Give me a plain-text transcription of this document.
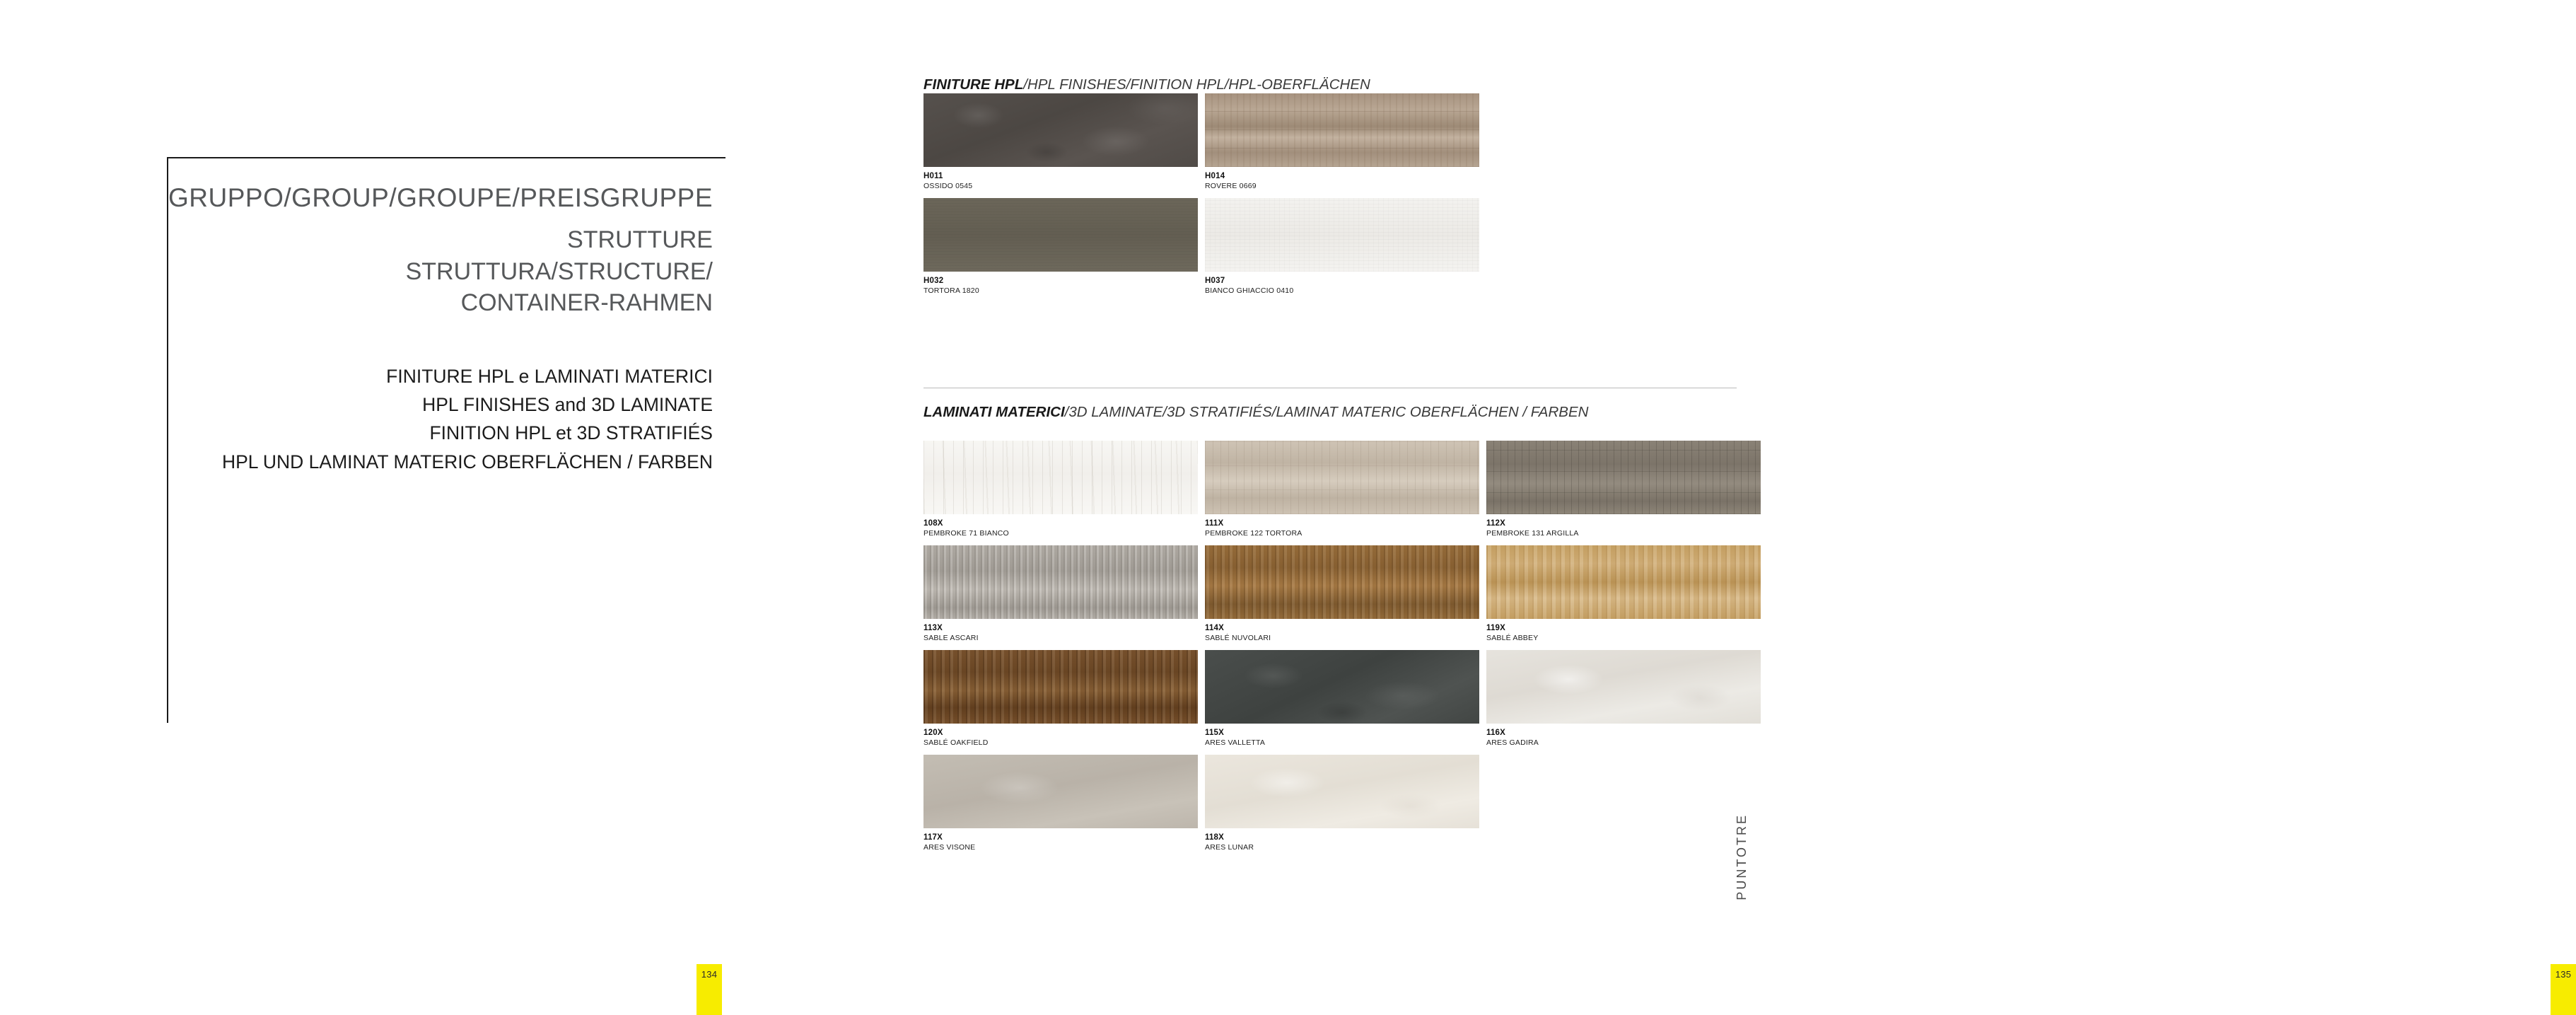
GRUPPO/GROUP/GROUPE/PREISGRUPPE
STRUTTURE
STRUTTURA/STRUCTURE/
CONTAINER-RAHMEN
FINITURE HPL e LAMINATI MATERICI
HPL FINISHES and 3D LAMINATE
FINITION HPL et 3D STRATIFIÉS
HPL UND LAMINAT MATERIC OBERFLÄCHEN / FARBEN
134
FINITURE HPL/HPL FINISHES/FINITION HPL/HPL-OBERFLÄCHEN
H011
OSSIDO 0545
H014
ROVERE 0669
H032
TORTORA 1820
H037
BIANCO GHIACCIO 0410
LAMINATI MATERICI/3D LAMINATE/3D STRATIFIÉS/LAMINAT MATERIC OBERFLÄCHEN / FARBEN
108X
PEMBROKE 71 BIANCO
111X
PEMBROKE 122 TORTORA
112X
PEMBROKE 131 ARGILLA
113X
SABLE ASCARI
114X
SABLÉ NUVOLARI
119X
SABLÉ ABBEY
120X
SABLÉ OAKFIELD
115X
ARES VALLETTA
116X
ARES GADIRA
117X
ARES VISONE
118X
ARES LUNAR	PUNTOTRE
135
